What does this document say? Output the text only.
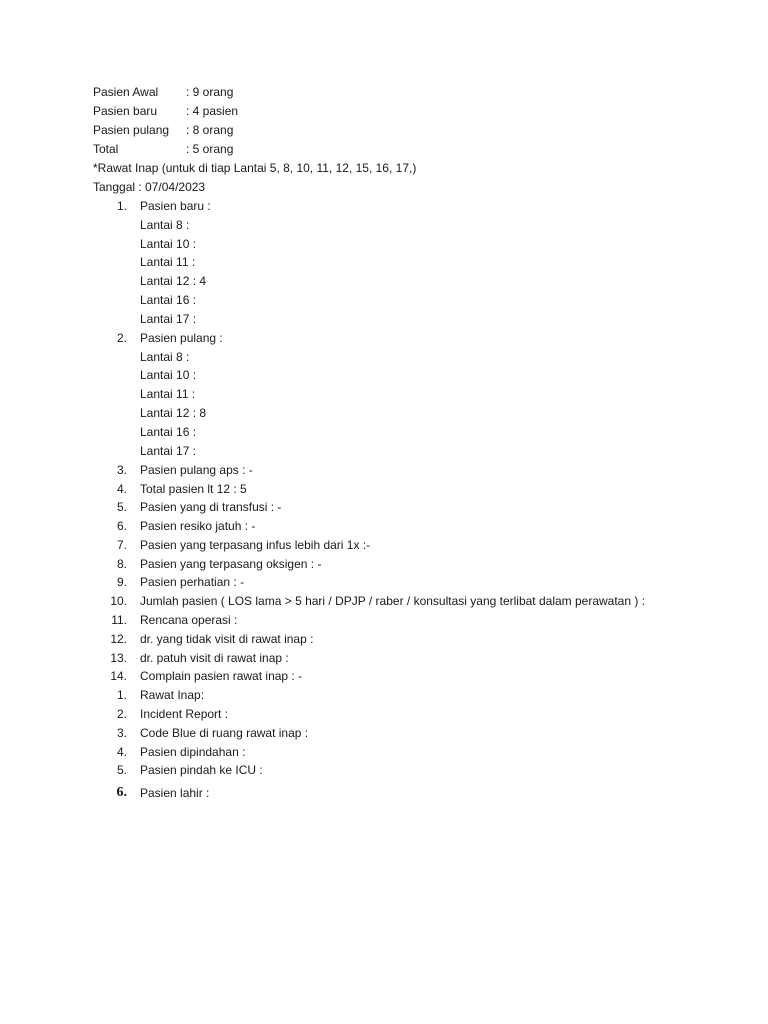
Pasien Awal : 9 orang
Pasien baru : 4 pasien
Pasien pulang : 8 orang
Total	: 5 orang
*Rawat Inap (untuk di tiap Lantai 5, 8, 10, 11, 12, 15, 16, 17,)
Tanggal : 07/04/2023
1. Pasien baru :
Lantai 8 :
Lantai 10 :
Lantai 11 :
Lantai 12 : 4
Lantai 16 :
Lantai 17 :
2. Pasien pulang :
Lantai 8 :
Lantai 10 :
Lantai 11 :
Lantai 12 : 8
Lantai 16 :
Lantai 17 :
3. Pasien pulang aps : -
4. Total pasien lt 12 : 5
5. Pasien yang di transfusi : -
6. Pasien resiko jatuh : -
7. Pasien yang terpasang infus lebih dari 1x :-
8. Pasien yang terpasang oksigen : -
9. Pasien perhatian : -
10. Jumlah pasien ( LOS lama > 5 hari / DPJP / raber / konsultasi yang terlibat dalam perawatan ) :
11. Rencana operasi :
12. dr. yang tidak visit di rawat inap :
13. dr. patuh visit di rawat inap :
14. Complain pasien rawat inap : -
1. Rawat Inap:
2. Incident Report :
3. Code Blue di ruang rawat inap :
4. Pasien dipindahan :
5. Pasien pindah ke ICU :
6. Pasien lahir :
